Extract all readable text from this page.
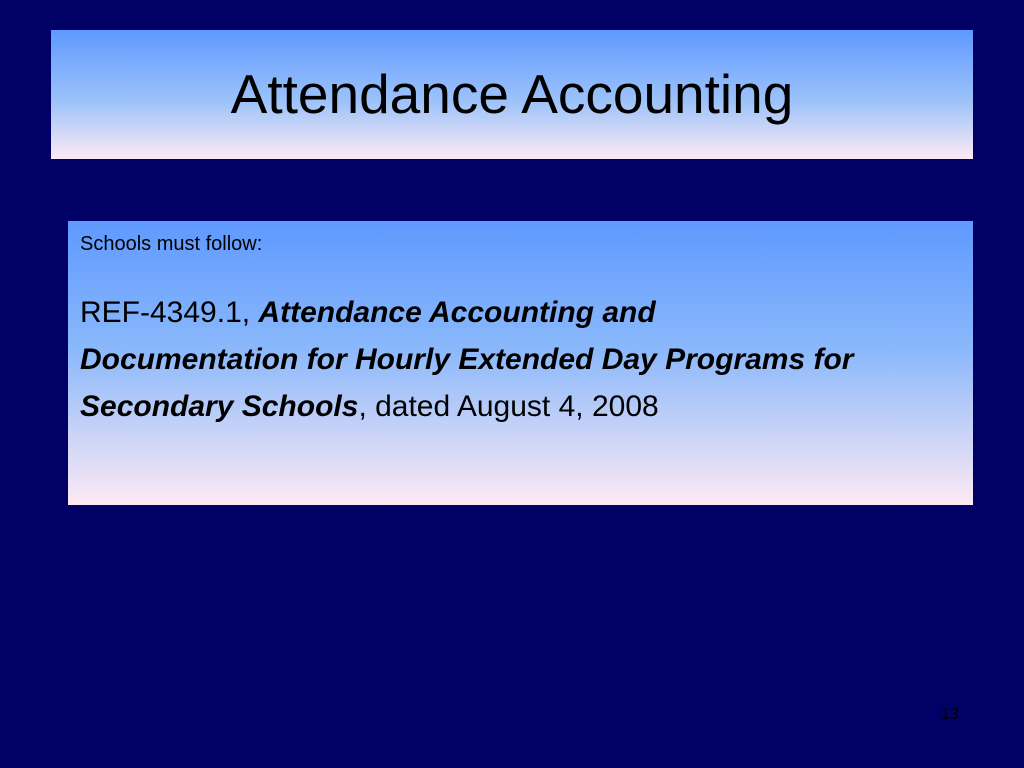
Attendance Accounting

Schools must follow:

REF-4349.1, Attendance Accounting and Documentation for Hourly Extended Day Programs for Secondary Schools, dated August 4, 2008

13
